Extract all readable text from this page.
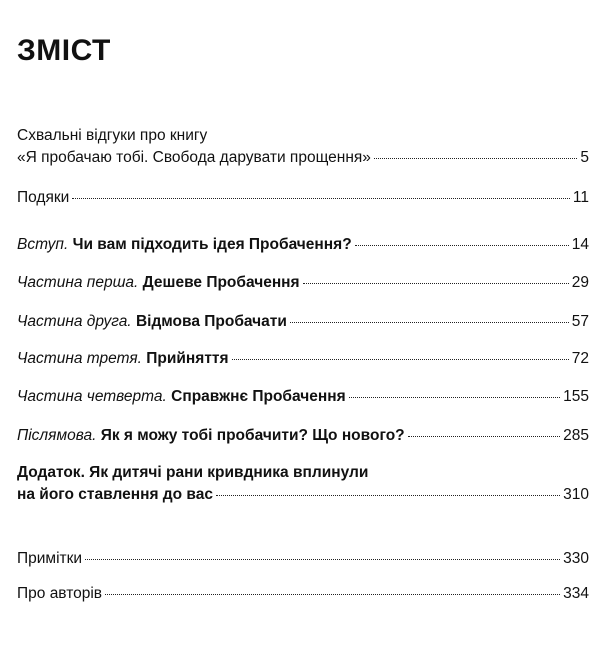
ЗМІСТ
Схвальні відгуки про книгу
«Я пробачаю тобі. Свобода дарувати прощення»	5
Подяки	11
Вступ. Чи вам підходить ідея Пробачення?	14
Частина перша. Дешеве Пробачення	29
Частина друга. Відмова Пробачати	57
Частина третя. Прийняття	72
Частина четверта. Справжнє Пробачення	155
Післямова. Як я можу тобі пробачити? Що нового?	285
Додаток. Як дитячі рани кривдника вплинули
на його ставлення до вас	310
Примітки	330
Про авторів	334
